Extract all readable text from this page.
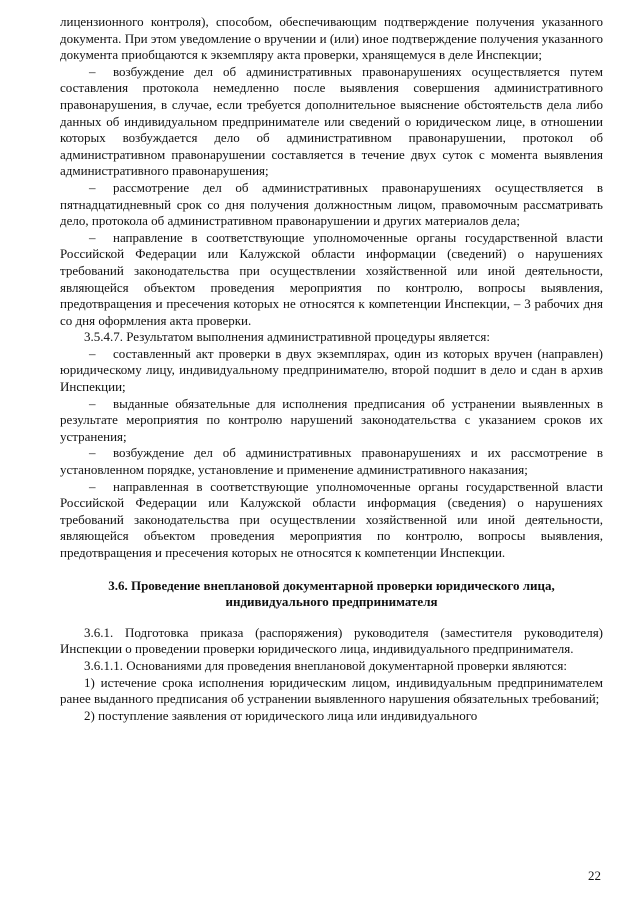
лицензионного контроля), способом, обеспечивающим подтверждение получения указанного документа. При этом уведомление о вручении и (или) иное подтверждение получения указанного документа приобщаются к экземпляру акта проверки, хранящемуся в деле Инспекции;

– возбуждение дел об административных правонарушениях осуществляется путем составления протокола немедленно после выявления совершения административного правонарушения, в случае, если требуется дополнительное выяснение обстоятельств дела либо данных об индивидуальном предпринимателе или сведений о юридическом лице, в отношении которых возбуждается дело об административном правонарушении, протокол об административном правонарушении составляется в течение двух суток с момента выявления административного правонарушения;

– рассмотрение дел об административных правонарушениях осуществляется в пятнадцатидневный срок со дня получения должностным лицом, правомочным рассматривать дело, протокола об административном правонарушении и других материалов дела;

– направление в соответствующие уполномоченные органы государственной власти Российской Федерации или Калужской области информации (сведений) о нарушениях требований законодательства при осуществлении хозяйственной или иной деятельности, являющейся объектом проведения мероприятия по контролю, вопросы выявления, предотвращения и пресечения которых не относятся к компетенции Инспекции, – 3 рабочих дня со дня оформления акта проверки.

3.5.4.7. Результатом выполнения административной процедуры является:

– составленный акт проверки в двух экземплярах, один из которых вручен (направлен) юридическому лицу, индивидуальному предпринимателю, второй подшит в дело и сдан в архив Инспекции;

– выданные обязательные для исполнения предписания об устранении выявленных в результате мероприятия по контролю нарушений законодательства с указанием сроков их устранения;

– возбуждение дел об административных правонарушениях и их рассмотрение в установленном порядке, установление и применение административного наказания;

– направленная в соответствующие уполномоченные органы государственной власти Российской Федерации или Калужской области информация (сведения) о нарушениях требований законодательства при осуществлении хозяйственной или иной деятельности, являющейся объектом проведения мероприятия по контролю, вопросы выявления, предотвращения и пресечения которых не относятся к компетенции Инспекции.

3.6. Проведение внеплановой документарной проверки юридического лица, индивидуального предпринимателя

3.6.1. Подготовка приказа (распоряжения) руководителя (заместителя руководителя) Инспекции о проведении проверки юридического лица, индивидуального предпринимателя.

3.6.1.1. Основаниями для проведения внеплановой документарной проверки являются:

1) истечение срока исполнения юридическим лицом, индивидуальным предпринимателем ранее выданного предписания об устранении выявленного нарушения обязательных требований;

2) поступление заявления от юридического лица или индивидуального

22
